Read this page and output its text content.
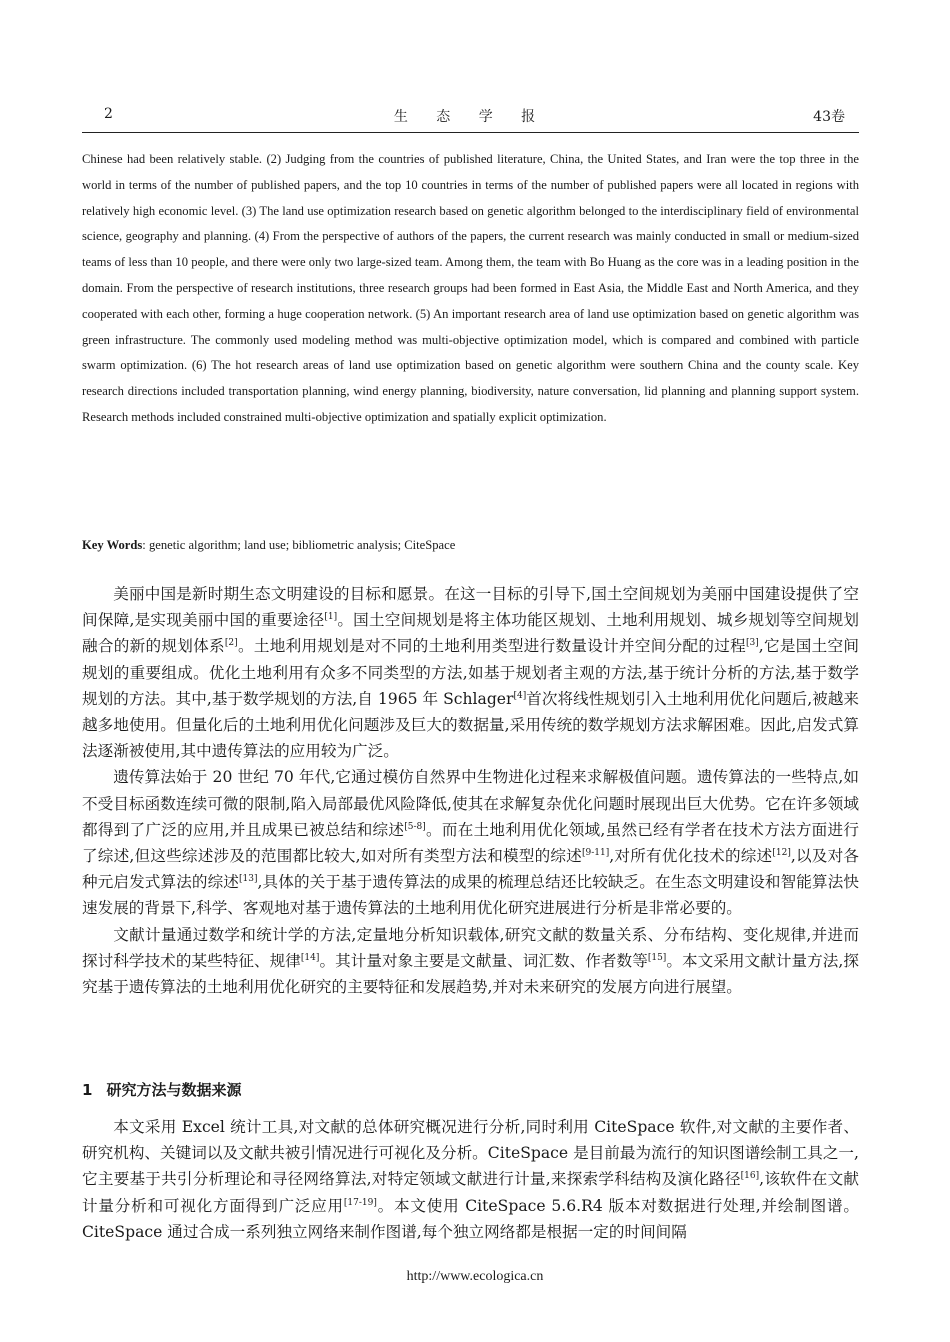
2	生 态 学 报	43卷

Chinese had been relatively stable. (2) Judging from the countries of published literature, China, the United States, and Iran were the top three in the world in terms of the number of published papers, and the top 10 countries in terms of the number of published papers were all located in regions with relatively high economic level. (3) The land use optimization research based on genetic algorithm belonged to the interdisciplinary field of environmental science, geography and planning. (4) From the perspective of authors of the papers, the current research was mainly conducted in small or medium-sized teams of less than 10 people, and there were only two large-sized team. Among them, the team with Bo Huang as the core was in a leading position in the domain. From the perspective of research institutions, three research groups had been formed in East Asia, the Middle East and North America, and they cooperated with each other, forming a huge cooperation network. (5) An important research area of land use optimization based on genetic algorithm was green infrastructure. The commonly used modeling method was multi-objective optimization model, which is compared and combined with particle swarm optimization. (6) The hot research areas of land use optimization based on genetic algorithm were southern China and the county scale. Key research directions included transportation planning, wind energy planning, biodiversity, nature conversation, lid planning and planning support system. Research methods included constrained multi-objective optimization and spatially explicit optimization.

Key Words: genetic algorithm; land use; bibliometric analysis; CiteSpace

美丽中国是新时期生态文明建设的目标和愿景。在这一目标的引导下,国土空间规划为美丽中国建设提供了空间保障,是实现美丽中国的重要途径[1]。国土空间规划是将主体功能区规划、土地利用规划、城乡规划等空间规划融合的新的规划体系[2]。土地利用规划是对不同的土地利用类型进行数量设计并空间分配的过程[3],它是国土空间规划的重要组成。优化土地利用有众多不同类型的方法,如基于规划者主观的方法,基于统计分析的方法,基于数学规划的方法。其中,基于数学规划的方法,自 1965 年 Schlager[4]首次将线性规划引入土地利用优化问题后,被越来越多地使用。但量化后的土地利用优化问题涉及巨大的数据量,采用传统的数学规划方法求解困难。因此,启发式算法逐渐被使用,其中遗传算法的应用较为广泛。

遗传算法始于 20 世纪 70 年代,它通过模仿自然界中生物进化过程来求解极值问题。遗传算法的一些特点,如不受目标函数连续可微的限制,陷入局部最优风险降低,使其在求解复杂优化问题时展现出巨大优势。它在许多领域都得到了广泛的应用,并且成果已被总结和综述[5-8]。而在土地利用优化领域,虽然已经有学者在技术方法方面进行了综述,但这些综述涉及的范围都比较大,如对所有类型方法和模型的综述[9-11],对所有优化技术的综述[12],以及对各种元启发式算法的综述[13],具体的关于基于遗传算法的成果的梳理总结还比较缺乏。在生态文明建设和智能算法快速发展的背景下,科学、客观地对基于遗传算法的土地利用优化研究进展进行分析是非常必要的。

文献计量通过数学和统计学的方法,定量地分析知识载体,研究文献的数量关系、分布结构、变化规律,并进而探讨科学技术的某些特征、规律[14]。其计量对象主要是文献量、词汇数、作者数等[15]。本文采用文献计量方法,探究基于遗传算法的土地利用优化研究的主要特征和发展趋势,并对未来研究的发展方向进行展望。

1 研究方法与数据来源

本文采用 Excel 统计工具,对文献的总体研究概况进行分析,同时利用 CiteSpace 软件,对文献的主要作者、研究机构、关键词以及文献共被引情况进行可视化及分析。CiteSpace 是目前最为流行的知识图谱绘制工具之一,它主要基于共引分析理论和寻径网络算法,对特定领域文献进行计量,来探索学科结构及演化路径[16],该软件在文献计量分析和可视化方面得到广泛应用[17-19]。本文使用 CiteSpace 5.6.R4 版本对数据进行处理,并绘制图谱。CiteSpace 通过合成一系列独立网络来制作图谱,每个独立网络都是根据一定的时间间隔

http://www.ecologica.cn
